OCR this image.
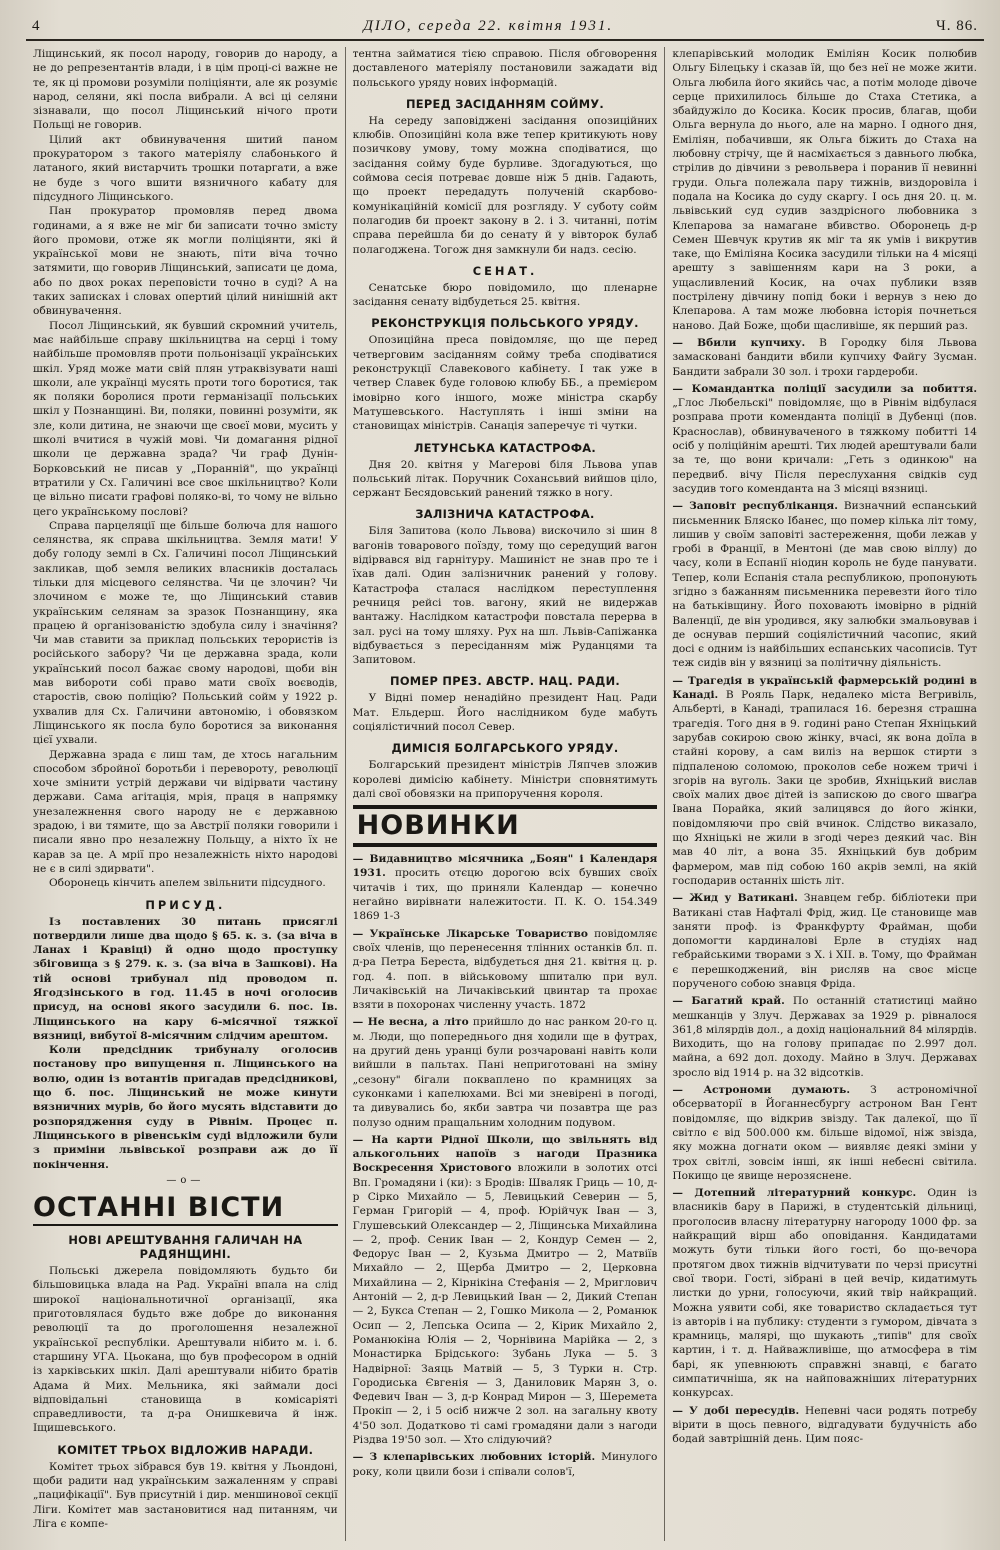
4	ДІЛО, середа 22. квітня 1931.	Ч. 86.

Ліщинський, як посол народу, говорив до народу, а не до репрезентантів влади, і в цім проці-сі важне не те, як ці промови розуміли поліціянти, але як розуміє народ, селяни, які посла вибрали. А всі ці селяни зізнавали, що посол Ліщинський нічого проти Польщі не говорив.

Цілий акт обвинувачення шитий паном прокуратором з такого матеріялу слабонького й латаного, який вистарчить трошки потаргати, а вже не буде з чого вшити вязничного кабату для підсудного Ліщинського.

Пан прокуратор промовляв перед двома годинами, а я вже не міг би записати точно змісту його промови, отже як могли поліціянти, які й української мови не знають, піти віча точно затямити, що говорив Ліщинський, записати це дома, або по двох роках переповісти точно в суді? А на таких записках і словах опертий цілий нинішній акт обвинувачення.

Посол Ліщинський, як бувший скромний учитель, має найбільше справу шкільництва на серці і тому найбільше промовляв проти польонізації українських шкіл. Уряд може мати свій плян утраквізувати наші школи, але українці мусять проти того боротися, так як поляки боролися проти германізації польських шкіл у Познанщині. Ви, поляки, повинні розуміти, як зле, коли дитина, не знаючи ще своєї мови, мусить у школі вчитися в чужій мові. Чи домагання рідної школи це державна зрада? Чи граф Дунін-Борковський не писав у „Поранній", що українці втратили у Сх. Галичині все своє шкільництво? Коли це вільно писати графові поляко-ві, то чому не вільно цего українському послові?

Справа парцеляції ще більше болюча для нашого селянства, як справа шкільництва. Земля мати! У добу голоду землі в Сх. Галичині посол Ліщинський закликав, щоб земля великих власників досталась тільки для місцевого селянства. Чи це злочин? Чи злочином є може те, що Ліщинський ставив українським селянам за зразок Познанщину, яка працею й організованістю здобула силу і значіння? Чи мав ставити за приклад польських терористів із російського забору? Чи це державна зрада, коли український посол бажає свому народові, щоби він мав вибороти собі право мати своїх воєводів, старостів, свою поліцію? Польський сойм у 1922 р. ухвалив для Сх. Галичини автономію, і обовязком Ліщинського як посла було боротися за виконання цієї ухвали.

Державна зрада є лиш там, де хтось нагальним способом збройної боротьби і перевороту, революції хоче змінити устрій держави чи відірвати частину держави. Сама агітація, мрія, праця в напрямку унезалежнення свого народу не є державною зрадою, і ви тямите, що за Австрії поляки говорили і писали явно про незалежну Польщу, а ніхто їх не карав за це. А мрії про незалежність ніхто народові не є в силі здирвати".

Оборонець кінчить апелем звільнити підсудного.

ПРИСУД.

Із поставлених 30 питань присяглі потвердили лише два щодо § 65. к. з. (за віча в Ланах і Крaвіці) й одно щодо проступку збіговища з § 279. к. з. (за віча в Зашкові). На тій основі трибунал під проводом п. Ягодзінського в год. 11.45 в ночі оголосив присуд, на основі якого засудили 6. пос. Ів. Ліщинського на кару 6-місячної тяжкої вязниці, вибутої 8-місячним слідчим арештом.

Коли предсідник трибуналу оголосив постанову про випущення п. Ліщинського на волю, один із вотантів пригадав предсідникові, що б. пос. Ліщинський не може кинути вязничних мурів, бо його мусять відставити до розпорядження суду в Рівнім. Процес п. Ліщинського в рівенськім суді відложили були з приміни львівської розправи аж до її покінчення.

—o—
ОСТАННІ ВІСТИ
НОВІ АРЕШТУВАННЯ ГАЛИЧАН НА РАДЯНЩИНІ.

Польські джерела повідомляють будьто би більшовицька влада на Рад. Україні впала на слід широкої національнотичної організації, яка приготовлялася будьто вже добре до виконання революції та до проголошення незалежної української республіки. Арештували нібито м. і. б. старшину УГА. Цьокана, що був професором в одній із харківських шкіл. Далі арештували нібито братів Адама й Мих. Мельника, які займали досі відповідальні становища в комісаріяті справедливости, та д-ра Онишкевича й інж. Іщишевського.

КОМІТЕТ ТРЬОХ ВІДЛОЖИВ НАРАДИ.

Комітет трьох зібрався був 19. квітня у Льондоні, щоби радити над українським зажаленням у справі „пацифікації". Був присутній і дир. меншинової секції Ліги. Комітет мав застановитися над питанням, чи Ліга є компе-

тентна займатися тією справою. Після обговорення доставленого матеріялу постановили зажадати від польського уряду нових інформацій.

ПЕРЕД ЗАСІДАННЯМ СОЙМУ.

На середу заповіджені засідання опозиційних клюбів. Опозиційні кола вже тепер критикують нову позичкову умову, тому можна сподіватися, що засідання сойму буде бурливе. Здогадуються, що соймова сесія потреває довше ніж 5 днів. Гадають, що проект передадуть полученій скарбово-комунікаційній комісії для розгляду. У суботу сойм полагодив би проект закону в 2. і 3. читанні, потім справа перейшла би до сенату й у вівторок булаб полагоджена. Тогож дня замкнули би надз. сесію.

СЕНАТ.

Сенатське бюро повідомило, що пленарне засідання сенату відбудеться 25. квітня.

РЕКОНСТРУКЦІЯ ПОЛЬСЬКОГО УРЯДУ.

Опозиційна преса повідомляє, що ще перед четверговим засіданням сойму треба сподіватися реконструкції Славекового кабінету. І так уже в четвер Славек буде головою клюбу ББ., а премієром імовірно кого іншого, може міністра скарбу Матушевського. Наступлять і інші зміни на становищах міністрів. Санація заперечує ті чутки.

ЛЕТУНСЬКА КАТАСТРОФА.

Дня 20. квітня у Магерові біля Львова упав польський літак. Поручник Сохансьвий вийшов ціло, сержант Бесядовський ранений тяжко в ногу.

ЗАЛІЗНИЧА КАТАСТРОФА.

Біля Запитова (коло Львова) вискочило зі шин 8 вагонів товарового поїзду, тому що середущий вагон відірвався від гарнітуру. Машиніст не знав про те і їхав далі. Один залізничник ранений у голову. Катастрофа сталася наслідком переступлення речниця рейсі тов. вагону, який не видержав вантажу. Наслідком катастрофи повстала перерва в зал. русі на тому шляху. Рух на шл. Львів-Сапіжанка відбувається з пересіданням між Руданцями та Запитовом.

ПОМЕР ПРЕЗ. АВСТР. НАЦ. РАДИ.

У Відні помер ненадійно президент Нац. Ради Мат. Ельдерш. Його наслідником буде мабуть соціялістичний посол Север.

ДИМІСІЯ БОЛГАРСЬКОГО УРЯДУ.

Болгарський президент міністрів Ляпчев зложив королеві димісію кабінету. Міністри сповнятимуть далі свої обовязки на припоручення короля.

НОВИНКИ

— Видавництво місячника „Боян" і Календаря 1931. просить отєцю дорогою всіх бувших своїх читачів і тих, що приняли Календар — конечно негайно вирівнати належитости. П. К. О. 154.349 1869 1-3

— Українське Лікарське Товариство повідомляє своїх членів, що перенесення тлінних останків бл. п. д-ра Петра Береста, відбудеться дня 21. квітня ц. р. год. 4. поп. в військовому шпиталю при вул. Личаківській на Личаківський цвинтар та прохає взяти в похоронах численну участь. 1872

— Не весна, а літо прийшло до нас ранком 20-го ц. м. Люди, що попереднього дня ходили ще в футрах, на другий день уранці були розчаровані навіть коли вийшли в пальтах. Пані неприготовані на зміну „сезону" бігали покваплено по крамницях за суконками і капелюхами. Всі ми зневірені в погоді, та дивувались бо, якби завтра чи позавтра ще раз полузо одним пращальним холодним подувом.

— На карти Рідної Школи, що звільнять від алькогольних напоїв з нагоди Празника Воскресення Христового вложили в золотих отсі Вп. Громадяни і (ки): з Бродів: Шваляк Гриць — 10, д-р Сірко Михайло — 5, Левицький Северин — 5, Герман Григорій — 4, проф. Юрійчук Іван — 3, Глушевський Олександер — 2, Ліщинська Михайлина — 2, проф. Сеник Іван — 2, Кондур Семен — 2, Федорус Іван — 2, Кузьма Дмитро — 2, Матвіїв Михайло — 2, Щерба Дмитро — 2, Церковна Михайлина — 2, Кірнікіна Стефанія — 2, Мриглович Антоній — 2, д-р Левицький Іван — 2, Дикий Степан — 2, Букса Степан — 2, Гошко Микола — 2, Романюк Осип — 2, Лепська Осипа — 2, Кірик Михайло 2, Романюкіна Юлія — 2, Чорнівина Марійка — 2, з Монастирка Брідського: Зубань Лука — 5. З Надвірної: Заяць Матвій — 5, З Турки н. Стр. Городиська Євгенія — 3, Даниловик Марян 3, о. Федевич Іван — 3, д-р Конрад Мирон — 3, Шеремета Прокіп — 2, і 5 осіб нижче 2 зол. на загальну квоту 4'50 зол. Додатково ті самі громадяни дали з нагоди Різдва 19'50 зол. — Хто слідуючий?

— З клепарівських любовних історій. Минулого року, коли цвили бози і співали солов'ї,

клепарівський молодик Еміліян Косик полюбив Ольгу Білецьку і сказав їй, що без неї не може жити. Ольга любила його якийсь час, а потім молоде дівоче серце прихилилось більше до Стаха Стетика, а збайдужіло до Косика. Косик просив, благав, щоби Ольга вернула до нього, але на марно. І одного дня, Еміліян, побачивши, як Ольга біжить до Стаха на любовну стрічу, ще й насміхається з давнього любка, стрілив до дівчини з револьвера і поранив її невинні груди. Ольга полежала пару тижнів, виздоровіла і подала на Косика до суду скаргу. І ось дня 20. ц. м. львівський суд судив заздрісного любовника з Клепарова за намагане вбивство. Оборонець д-р Семен Шевчук крутив як міг та як умів і викрутив таке, що Еміліяна Косика засудили тільки на 4 місяці арешту з завішенням кари на 3 роки, а ущасливлений Косик, на очах публики взяв пострілену дівчину попід боки і вернув з нею до Клепарова. А там може любовна історія почнеться наново. Дай Боже, щоби щасливіше, як перший раз.

— Вбили купчиху. В Городку біля Львова замасковані бандити вбили купчиху Файгу Зусман. Бандити забрали 30 зол. і трохи гардероби.

— Командантка поліції засудили за побиття. „Глос Любельскі" повідомляє, що в Рівнім відбулася розправа проти коменданта поліції в Дубенці (пов. Краснослав), обвинуваченого в тяжкому побитті 14 осіб у поліційнім арешті. Тих людей арештували бали за те, що вони кричали: „Геть з одинкою" на передвиб. вічу Після переслухання свідків суд засудив того коменданта на 3 місяці вязниці.

— Заповіт республіканця. Визначний еспанський письменник Бляско Ібанес, що помер кілька літ тому, лишив у своїм заповіті застереження, щоби лежав у гробі в Франції, в Ментоні (де мав свою віллу) до часу, коли в Еспанії ніодин король не буде панувати. Тепер, коли Еспанія стала республикою, пропонують згідно з бажанням письменника перевезти його тіло на батьківщину. Його поховають імовірно в рідній Валенції, де він уродився, яку залюбки змальовував і де оснував перший соціялістичний часопис, який досі є одним із найбільших еспанських часописів. Тут теж сидів він у вязниці за політичну діяльність.

— Трагедія в українській фармерській родині в Канаді. В Рояль Парк, недалеко міста Вегривіль, Альберті, в Канаді, трапилася 16. березня страшна трагедія. Того дня в 9. годині ранo Степан Яхніцький зарубав сокирою свою жінку, вчасі, як вона доїла в стайні корову, а сам виліз на вершок стирти з підпаленою соломою, проколов себе ножем тричі і згорів на вуголь. Заки це зробив, Яхніцький вислав своїх малих двоє дітей із запискою до свого шваґра Івана Порайка, який залицявся до його жінки, повідомляючи про свій вчинок. Слідство виказало, що Яхніцькі не жили в згоді через деякий час. Він мав 40 літ, а вона 35. Яхніцький був добрим фармером, мав під собою 160 акрів землі, на якій господарив останніх шість літ.

— Жид у Ватикані. Знавцем гебр. бібліотеки при Ватикані став Нафталі Фрід, жид. Це становище мав заняти проф. із Франкфурту Фрайман, щоби допомогти кардиналові Ерле в студіях над гебрайськими творами з X. і XII. в. Тому, що Фрайман є перешкоджений, він рисляв на своє місце порученого собою знавця Фріда.

— Багатий край. По останній статистиці майно мешканців у Злуч. Державах за 1929 р. рівналося 361,8 мілярдів дол., а дохід національний 84 мілярдів. Виходить, що на голову припадає по 2.997 дол. майна, а 692 дол. доходу. Майно в Злуч. Державах зросло від 1914 р. на 32 відсотків.

— Астрономи думають. З астрономічної обсерваторії в Йоганнесбургу астроном Ван Гент повідомляє, що відкрив звізду. Так далекої, що її світло є від 500.000 км. більше відомої, ніж звізда, яку можна догнати оком — виявляє деякі зміни у трох світлі, зовсім інші, як інші небесні світила. Покищо це явище нерозяснене.

— Дотепний літературний конкурс. Один із власників бару в Парижі, в студентській дільниці, проголосив власну літературну нагороду 1000 фр. за найкращий вірш або оповідання. Кандидатами можуть бути тільки його гості, бо що-вечора протягом двох тижнів відчитувати по черзі присутні свої твори. Гості, зібрані в цей вечір, кидатимуть листки до урни, голосуючи, який твір найкращий. Можна уявити собі, яке товариство складається тут із авторів і на публику: студенти з гумором, дівчата з крамниць, малярі, що шукають „типів" для своїх картин, і т. д. Найважливіше, що атмосфера в тім барі, як упевнюють справжні знавці, є багато симпатичніша, як на найповажніших літературних конкурсах.

— У добі пересудів. Непевні часи родять потребу вірити в щось певного, відгадувати будучність або бодай завтрішній день. Цим пояс-
